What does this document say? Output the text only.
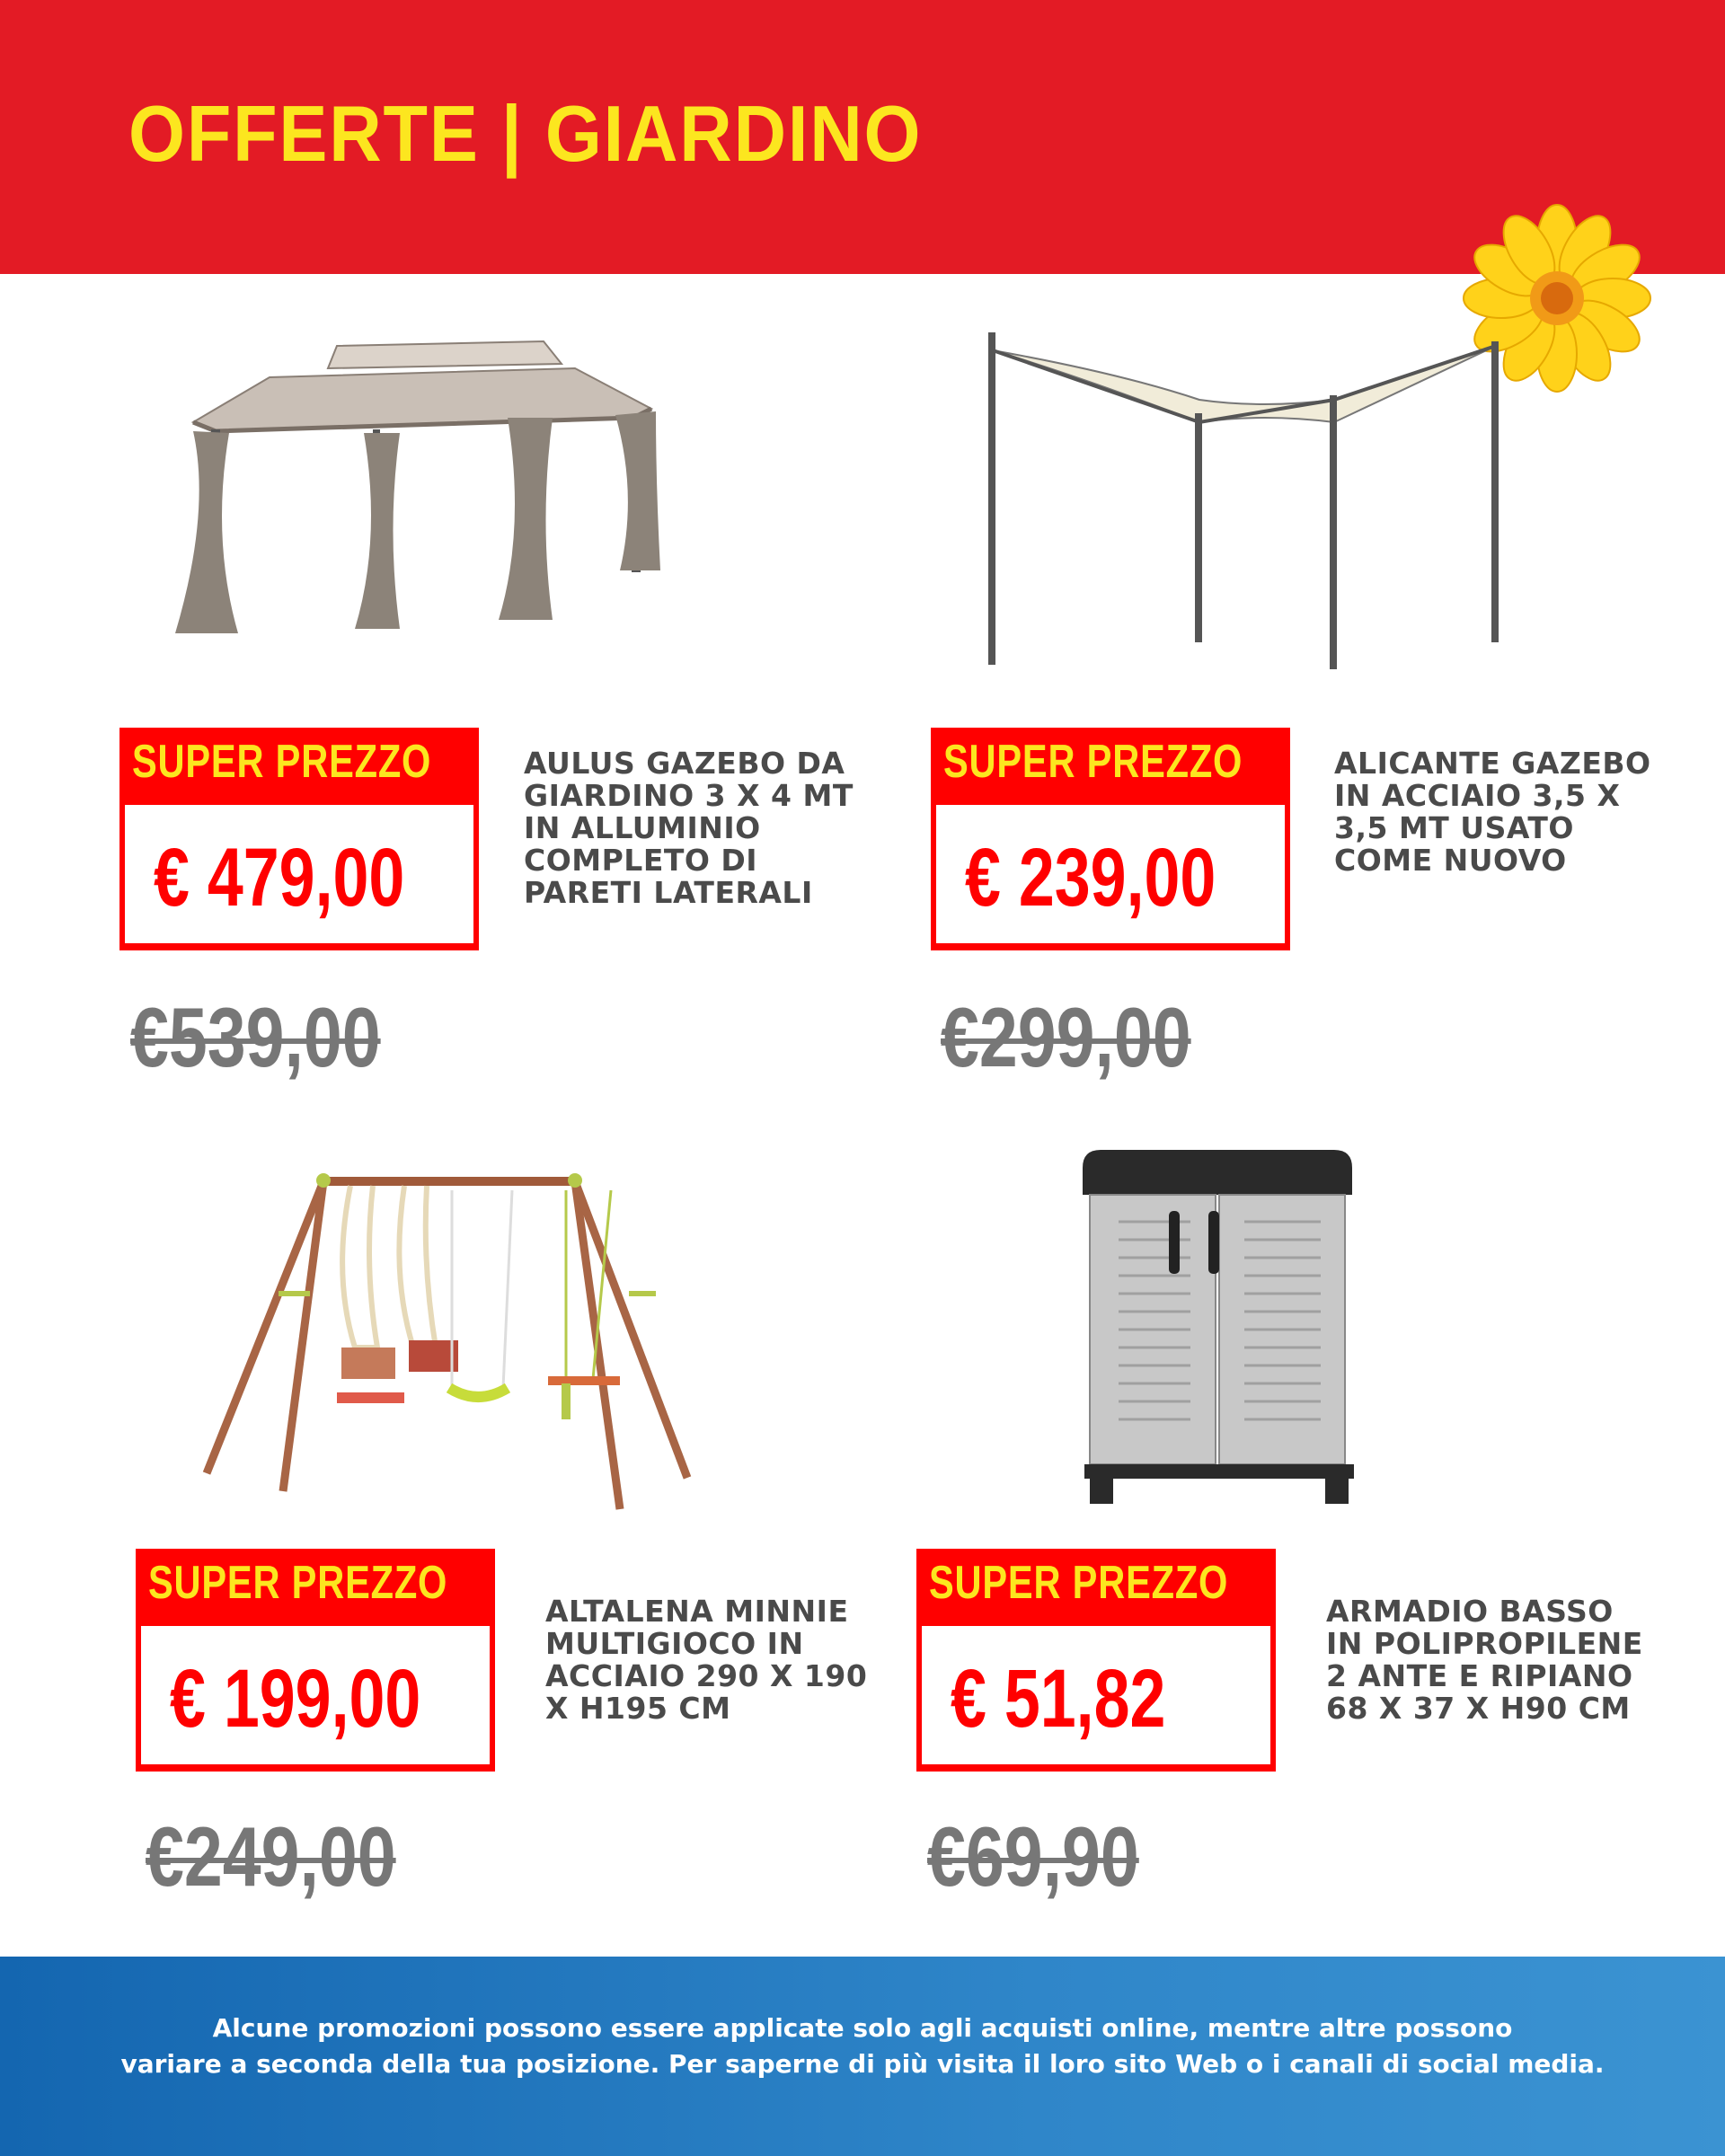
OFFERTE | GIARDINO
SUPER PREZZO
€ 479,00
AULUS GAZEBO DA GIARDINO 3 X 4 MT IN ALLUMINIO COMPLETO DI PARETI LATERALI
€539,00
SUPER PREZZO
€ 239,00
ALICANTE GAZEBO IN ACCIAIO 3,5 X 3,5 MT USATO COME NUOVO
€299,00
SUPER PREZZO
€ 199,00
ALTALENA MINNIE MULTIGIOCO IN ACCIAIO 290 X 190 X H195 CM
€249,00
SUPER PREZZO
€ 51,82
ARMADIO BASSO IN POLIPROPILENE 2 ANTE E RIPIANO 68 X 37 X H90 CM
€69,90
Alcune promozioni possono essere applicate solo agli acquisti online, mentre altre possono
variare a seconda della tua posizione. Per saperne di più visita il loro sito Web o i canali di social media.
